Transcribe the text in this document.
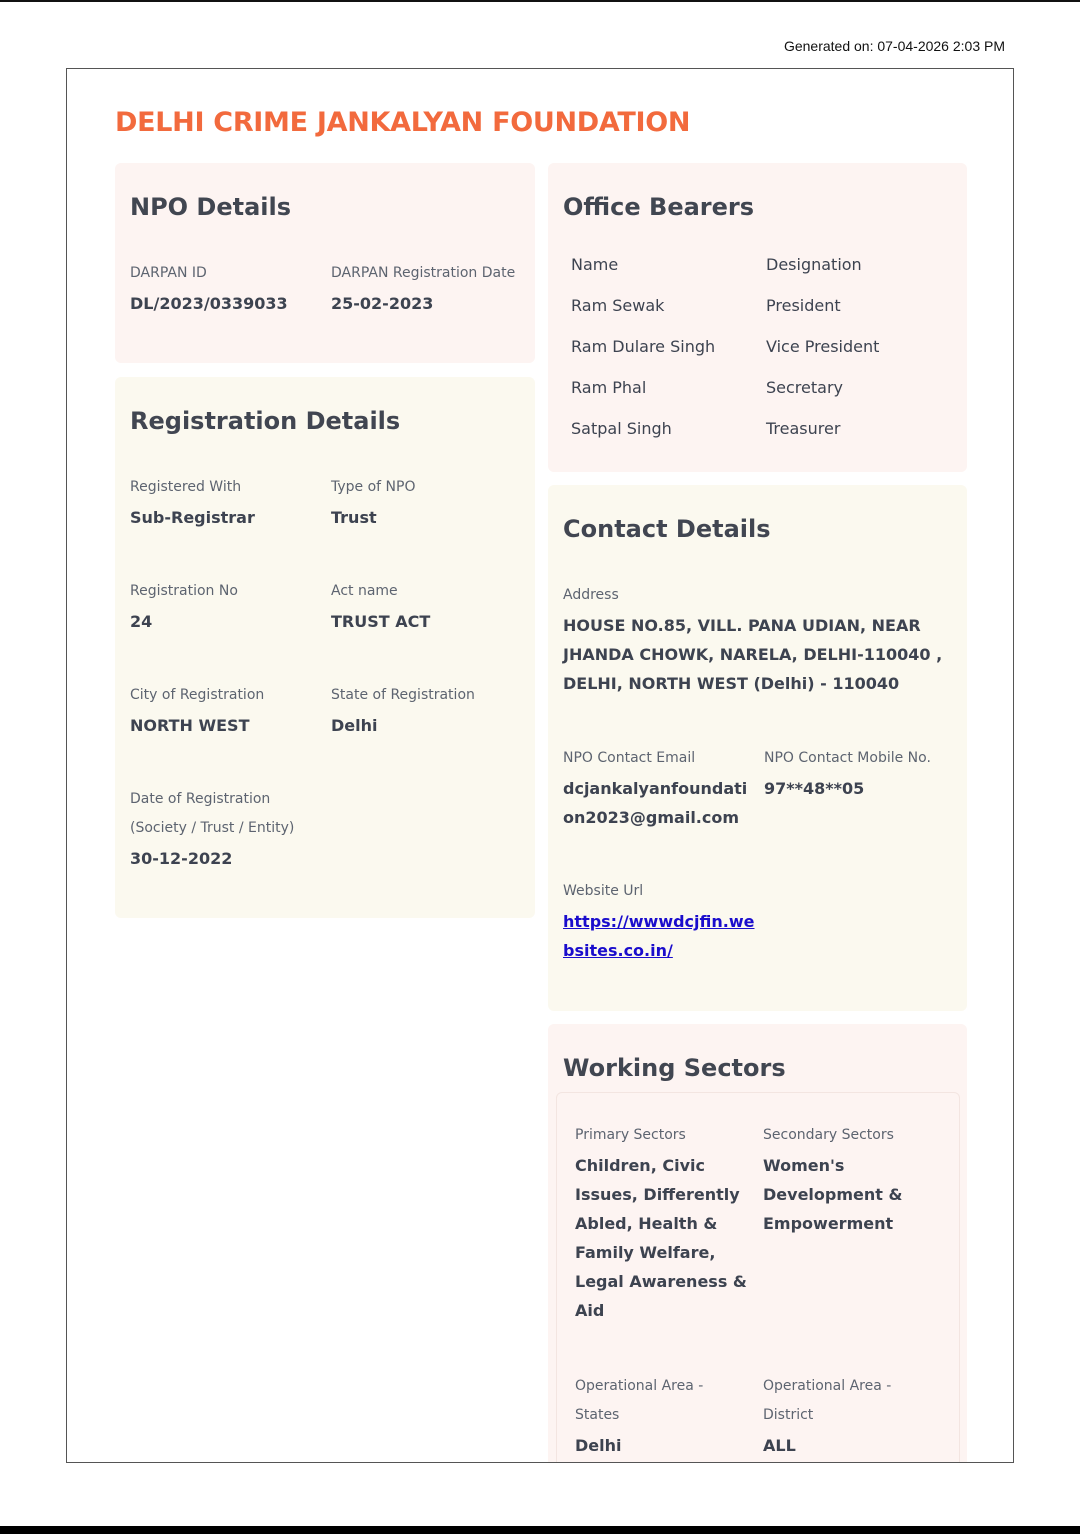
Generated on: 07-04-2026 2:03 PM
DELHI CRIME JANKALYAN FOUNDATION
NPO Details
DARPAN ID
DL/2023/0339033
DARPAN Registration Date
25-02-2023
Registration Details
Registered With
Sub-Registrar
Type of NPO
Trust
Registration No
24
Act name
TRUST ACT
City of Registration
NORTH WEST
State of Registration
Delhi
Date of Registration
(Society / Trust / Entity)
30-12-2022
Office Bearers
Name	Designation
Ram Sewak	President
Ram Dulare Singh	Vice President
Ram Phal	Secretary
Satpal Singh	Treasurer
Contact Details
Address
HOUSE NO.85, VILL. PANA UDIAN, NEAR
JHANDA CHOWK, NARELA, DELHI-110040 ,
DELHI, NORTH WEST (Delhi) - 110040
NPO Contact Email
dcjankalyanfoundati
on2023@gmail.com
NPO Contact Mobile No.
97**48**05
Website Url
https://wwwdcjfin.we
bsites.co.in/
Working Sectors
Primary Sectors
Children, Civic
Issues, Differently
Abled, Health &
Family Welfare,
Legal Awareness &
Aid
Secondary Sectors
Women's
Development &
Empowerment
Operational Area -
States
Delhi
Operational Area -
District
ALL
